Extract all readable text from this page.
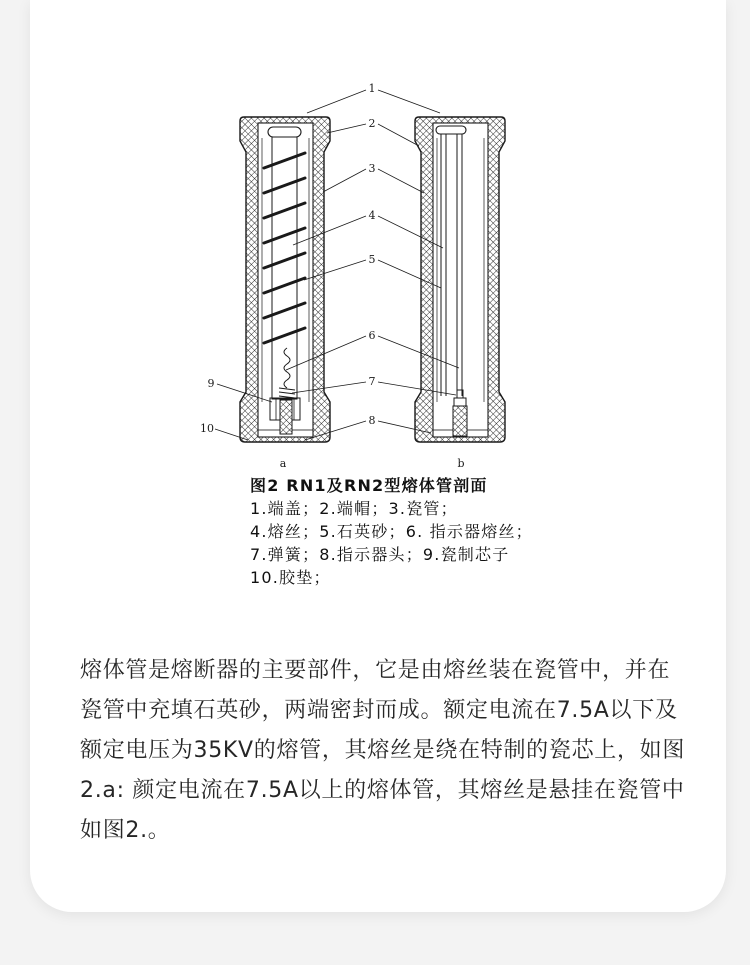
1
2
3
4
5
6
7
8
9
10
a	b
图2 RN1及RN2型熔体管剖面
1.端盖；2.端帽；3.瓷管；
4.熔丝；5.石英砂；6. 指示器熔丝；
7.弹簧；8.指示器头；9.瓷制芯子
10.胶垫；
熔体管是熔断器的主要部件，它是由熔丝装在瓷管中，并在
瓷管中充填石英砂，两端密封而成。额定电流在7.5A以下及
额定电压为35KV的熔管，其熔丝是绕在特制的瓷芯上，如图
2.a: 颜定电流在7.5A以上的熔体管，其熔丝是悬挂在瓷管中
如图2.。
